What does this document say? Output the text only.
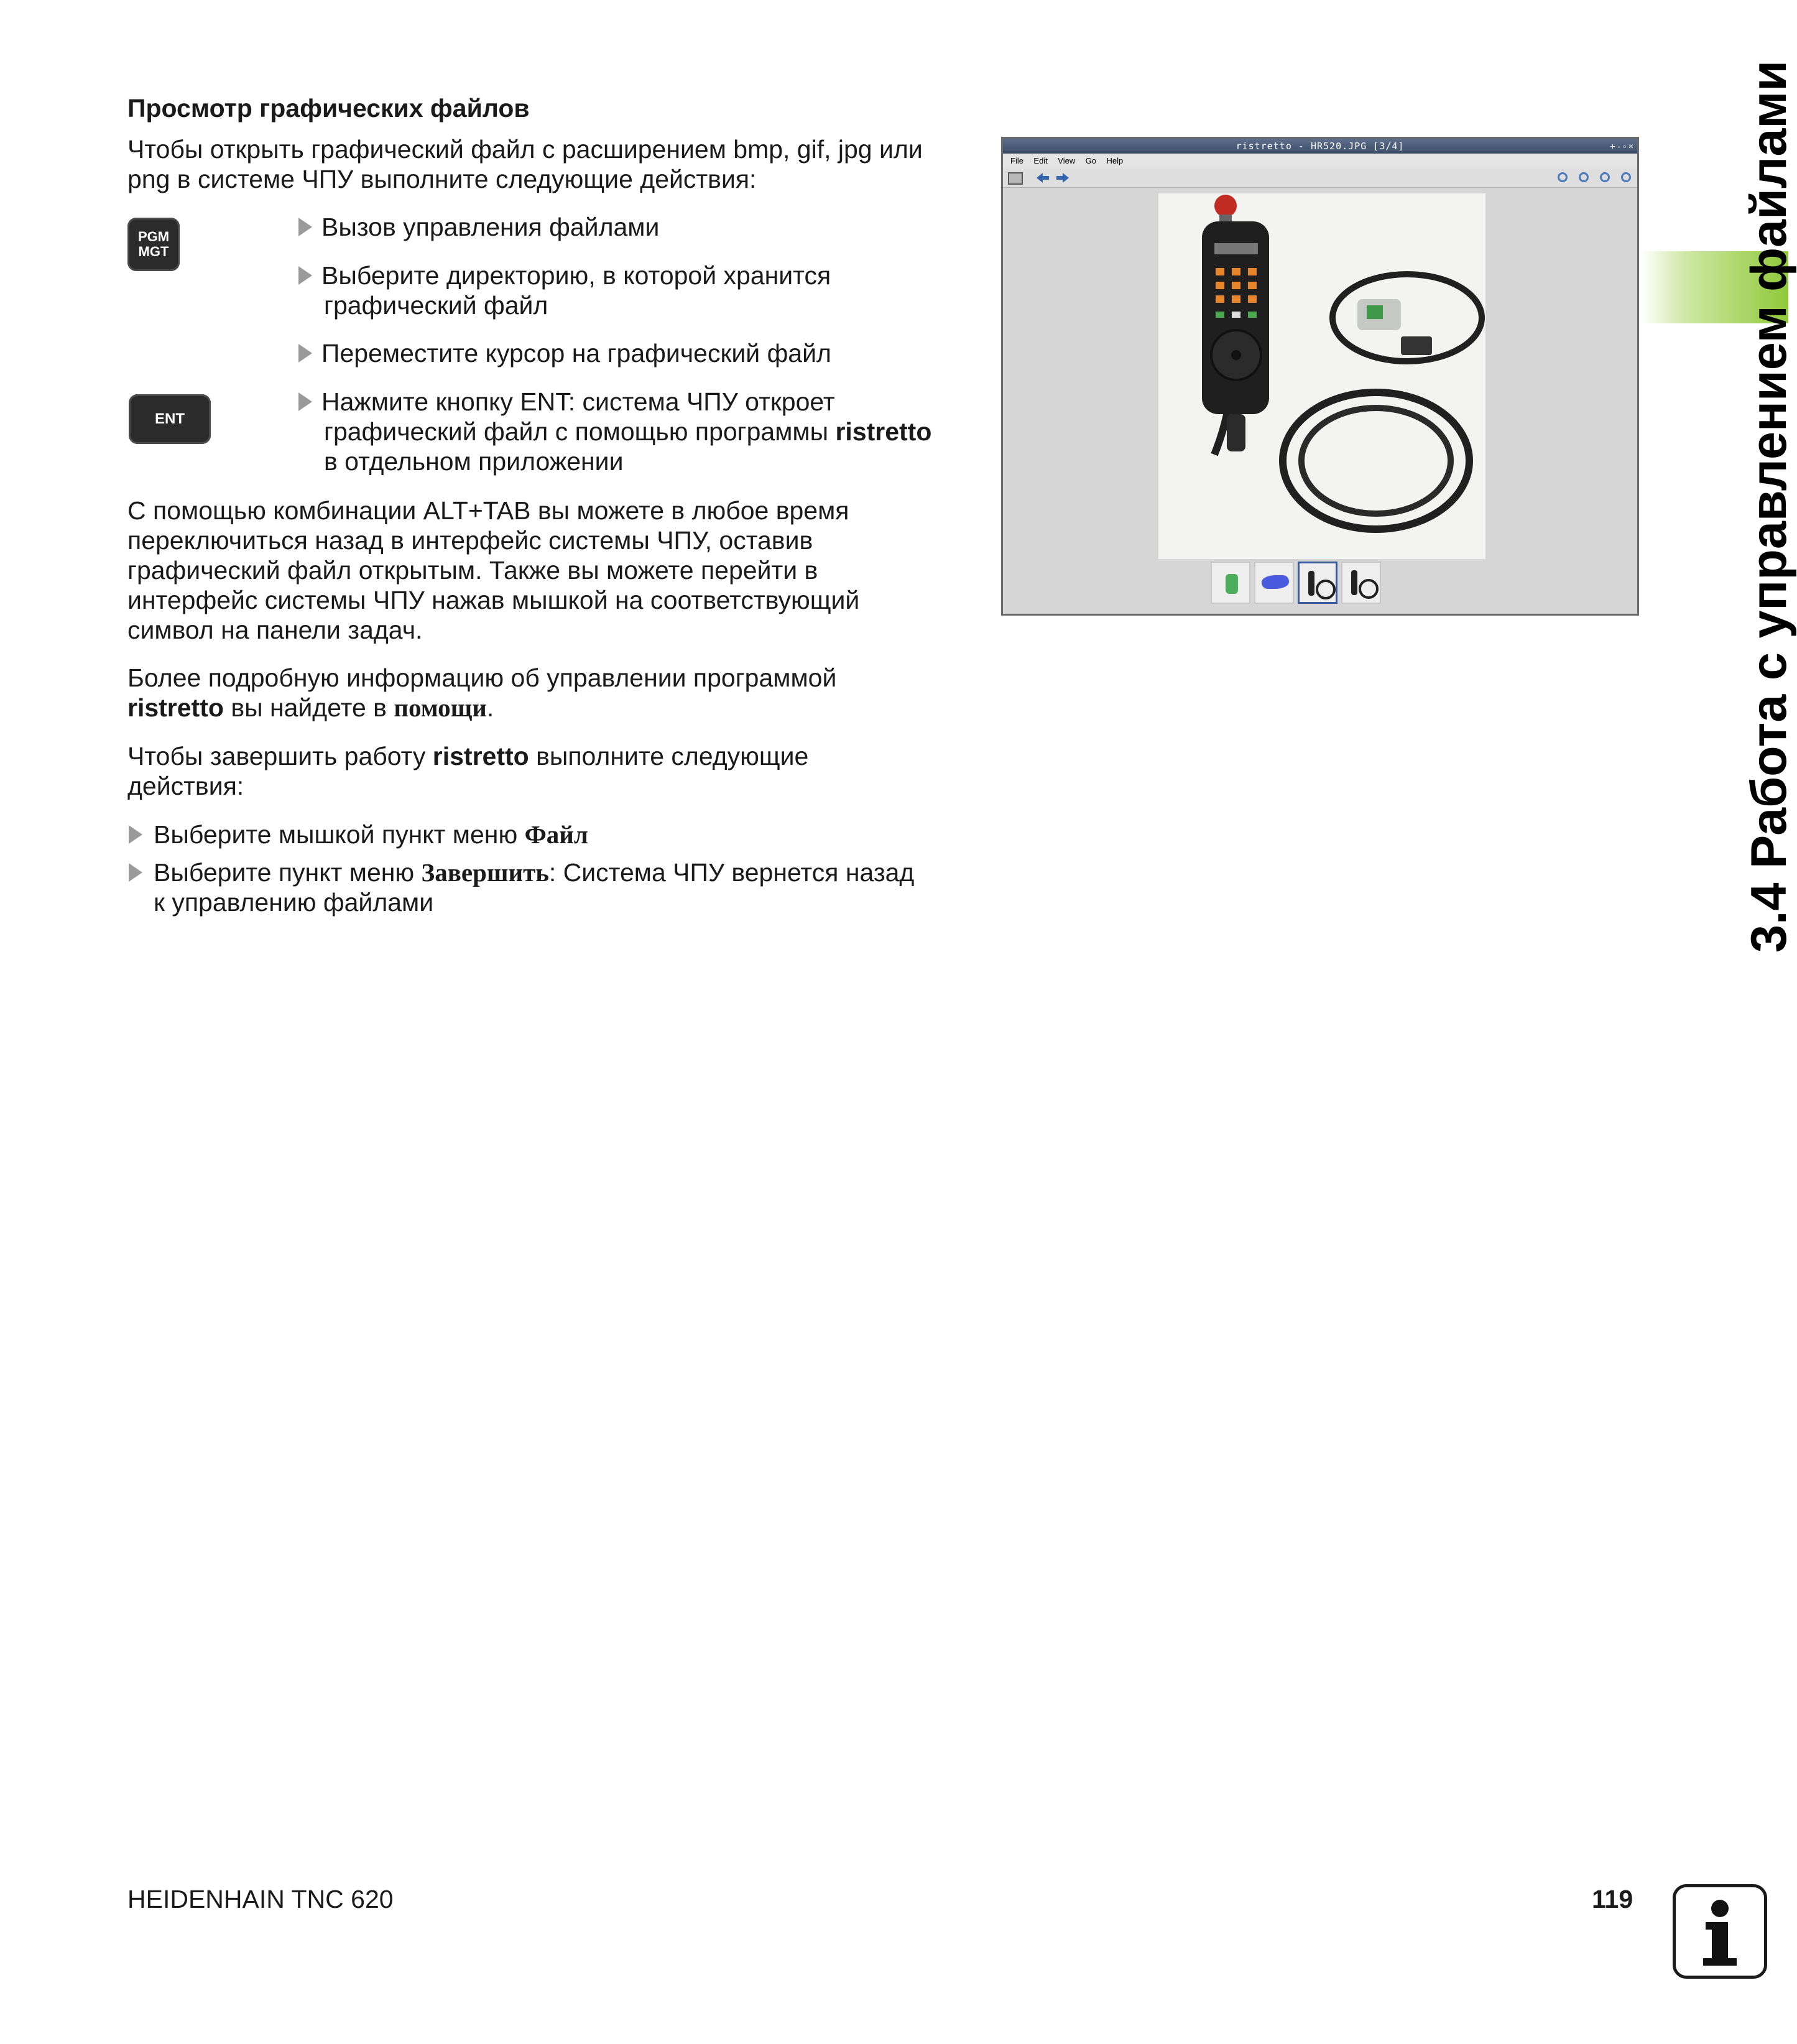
Просмотр графических файлов
Чтобы открыть графический файл с расширением bmp, gif, jpg или
png в системе ЧПУ выполните следующие действия:
PGM
MGT
ENT
Вызов управления файлами
Выберите директорию, в которой хранится
графический файл
Переместите курсор на графический файл
Нажмите кнопку ENT: система ЧПУ откроет
графический файл с помощью программы ristretto
в отдельном приложении
С помощью комбинации ALT+TAB вы можете в любое время
переключиться назад в интерфейс системы ЧПУ, оставив
графический файл открытым. Также вы можете перейти в
интерфейс системы ЧПУ нажав мышкой на соответствующий
символ на панели задач.
Более подробную информацию об управлении программой
ristretto вы найдете в помощи.
Чтобы завершить работу ristretto выполните следующие
действия:
Выберите мышкой пункт меню Файл
Выберите пункт меню Завершить: Система ЧПУ вернется назад
к управлению файлами
ristretto - HR520.JPG [3/4]	+ - ▫ ×
File Edit View Go Help	3.4 Работа с управлением файлами
HEIDENHAIN TNC 620	119
